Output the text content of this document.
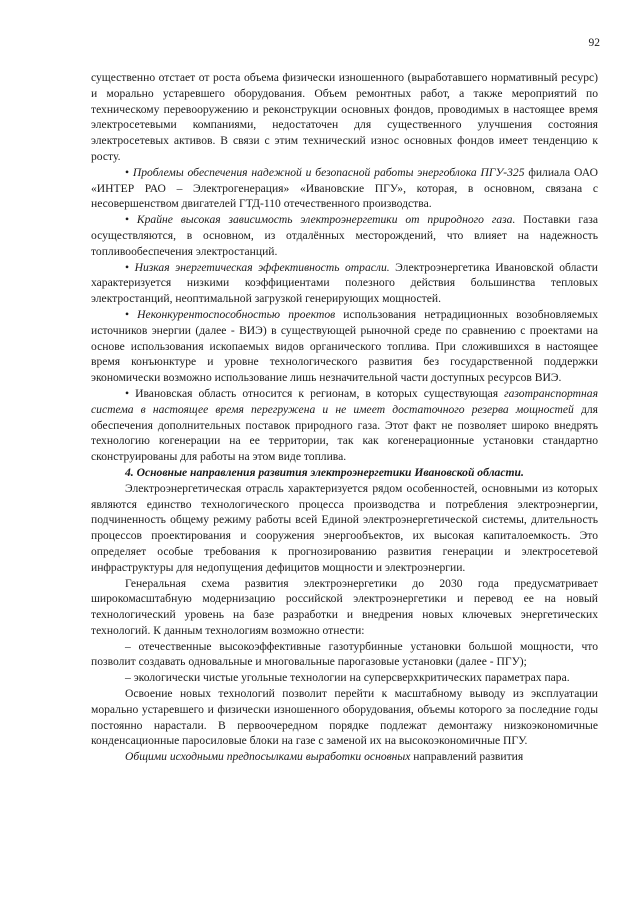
92

существенно отстает от роста объема физически изношенного (выработавшего нормативный ресурс) и морально устаревшего оборудования. Объем ремонтных работ, а также мероприятий по техническому перевооружению и реконструкции основных фондов, проводимых в настоящее время электросетевыми компаниями, недостаточен для существенного улучшения состояния электросетевых активов. В связи с этим технический износ основных фондов имеет тенденцию к росту.

• Проблемы обеспечения надежной и безопасной работы энергоблока ПГУ-325 филиала ОАО «ИНТЕР РАО – Электрогенерация» «Ивановские ПГУ», которая, в основном, связана с несовершенством двигателей ГТД-110 отечественного производства.

• Крайне высокая зависимость электроэнергетики от природного газа. Поставки газа осуществляются, в основном, из отдалённых месторождений, что влияет на надежность топливообеспечения электростанций.

• Низкая энергетическая эффективность отрасли. Электроэнергетика Ивановской области характеризуется низкими коэффициентами полезного действия большинства тепловых электростанций, неоптимальной загрузкой генерирующих мощностей.

• Неконкурентоспособностью проектов использования нетрадиционных возобновляемых источников энергии (далее - ВИЭ) в существующей рыночной среде по сравнению с проектами на основе использования ископаемых видов органического топлива. При сложившихся в настоящее время конъюнктуре и уровне технологического развития без государственной поддержки экономически возможно использование лишь незначительной части доступных ресурсов ВИЭ.

• Ивановская область относится к регионам, в которых существующая газотранспортная система в настоящее время перегружена и не имеет достаточного резерва мощностей для обеспечения дополнительных поставок природного газа. Этот факт не позволяет широко внедрять технологию когенерации на ее территории, так как когенерационные установки стандартно сконструированы для работы на этом виде топлива.

4. Основные направления развития электроэнергетики Ивановской области.

Электроэнергетическая отрасль характеризуется рядом особенностей, основными из которых являются единство технологического процесса производства и потребления электроэнергии, подчиненность общему режиму работы всей Единой электроэнергетической системы, длительность процессов проектирования и сооружения энергообъектов, их высокая капиталоемкость. Это определяет особые требования к прогнозированию развития генерации и электросетевой инфраструктуры для недопущения дефицитов мощности и электроэнергии.

Генеральная схема развития электроэнергетики до 2030 года предусматривает широкомасштабную модернизацию российской электроэнергетики и перевод ее на новый технологический уровень на базе разработки и внедрения новых ключевых энергетических технологий. К данным технологиям возможно отнести:

– отечественные высокоэффективные газотурбинные установки большой мощности, что позволит создавать одновальные и многовальные парогазовые установки (далее - ПГУ);

– экологически чистые угольные технологии на суперсверхкритических параметрах пара.

Освоение новых технологий позволит перейти к масштабному выводу из эксплуатации морально устаревшего и физически изношенного оборудования, объемы которого за последние годы постоянно нарастали. В первоочередном порядке подлежат демонтажу низкоэкономичные конденсационные паросиловые блоки на газе с заменой их на высокоэкономичные ПГУ.

Общими исходными предпосылками выработки основных направлений развития
